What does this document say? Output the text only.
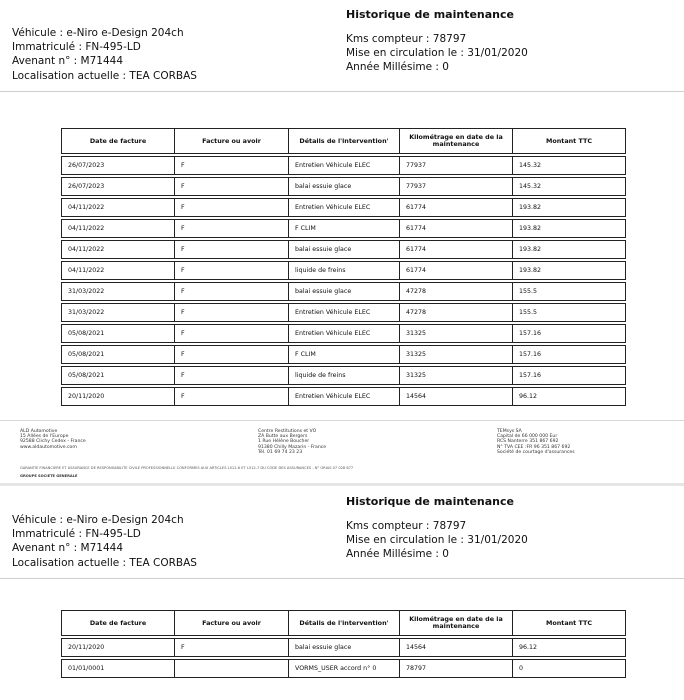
Historique de maintenance
Véhicule : e-Niro e-Design 204ch
Immatriculé : FN-495-LD
Avenant n° : M71444
Localisation actuelle : TEA CORBAS
Kms compteur : 78797
Mise en circulation le : 31/01/2020
Année Millésime : 0
Date de facture	Facture ou avoir	Détails de l'intervention'	Kilométrage en date de la maintenance	Montant TTC
26/07/2023	F	Entretien Véhicule ELEC	77937	145.32
26/07/2023	F	balai essuie glace	77937	145.32
04/11/2022	F	Entretien Véhicule ELEC	61774	193.82
04/11/2022	F	F CLIM	61774	193.82
04/11/2022	F	balai essuie glace	61774	193.82
04/11/2022	F	liquide de freins	61774	193.82
31/03/2022	F	balai essuie glace	47278	155.5
31/03/2022	F	Entretien Véhicule ELEC	47278	155.5
05/08/2021	F	Entretien Véhicule ELEC	31325	157.16
05/08/2021	F	F CLIM	31325	157.16
05/08/2021	F	liquide de freins	31325	157.16
20/11/2020	F	Entretien Véhicule ELEC	14564	96.12
ALD Automotive
15 Allées de l'Europe
92588 Clichy Cedex - France
www.aldautomotive.com
Centre Restitutions et VO
ZA Butte aux Bergers
1 Rue Hélène Boucher
91380 Chilly Mazarin - France
Tél. 01 69 74 23 23
TEMsys SA
Capital de 66 000 000 Eur
RCS Nanterre 351 867 692
N° TVA CEE :FR 96 351 867 692
Société de courtage d'assurances
GARANTIE FINANCIERE ET ASSURANCE DE RESPONSABILITE CIVILE PROFESSIONNELLE CONFORMES AUX ARTICLES L512-6 ET L512-7 DU CODE DES ASSURANCES - N° ORIAS 07 028 677
GROUPE SOCIETE GENERALE
Historique de maintenance
Véhicule : e-Niro e-Design 204ch
Immatriculé : FN-495-LD
Avenant n° : M71444
Localisation actuelle : TEA CORBAS
Kms compteur : 78797
Mise en circulation le : 31/01/2020
Année Millésime : 0
Date de facture	Facture ou avoir	Détails de l'intervention'	Kilométrage en date de la maintenance	Montant TTC
20/11/2020	F	balai essuie glace	14564	96.12
01/01/0001		VORMS_USER accord n° 0	78797	0
